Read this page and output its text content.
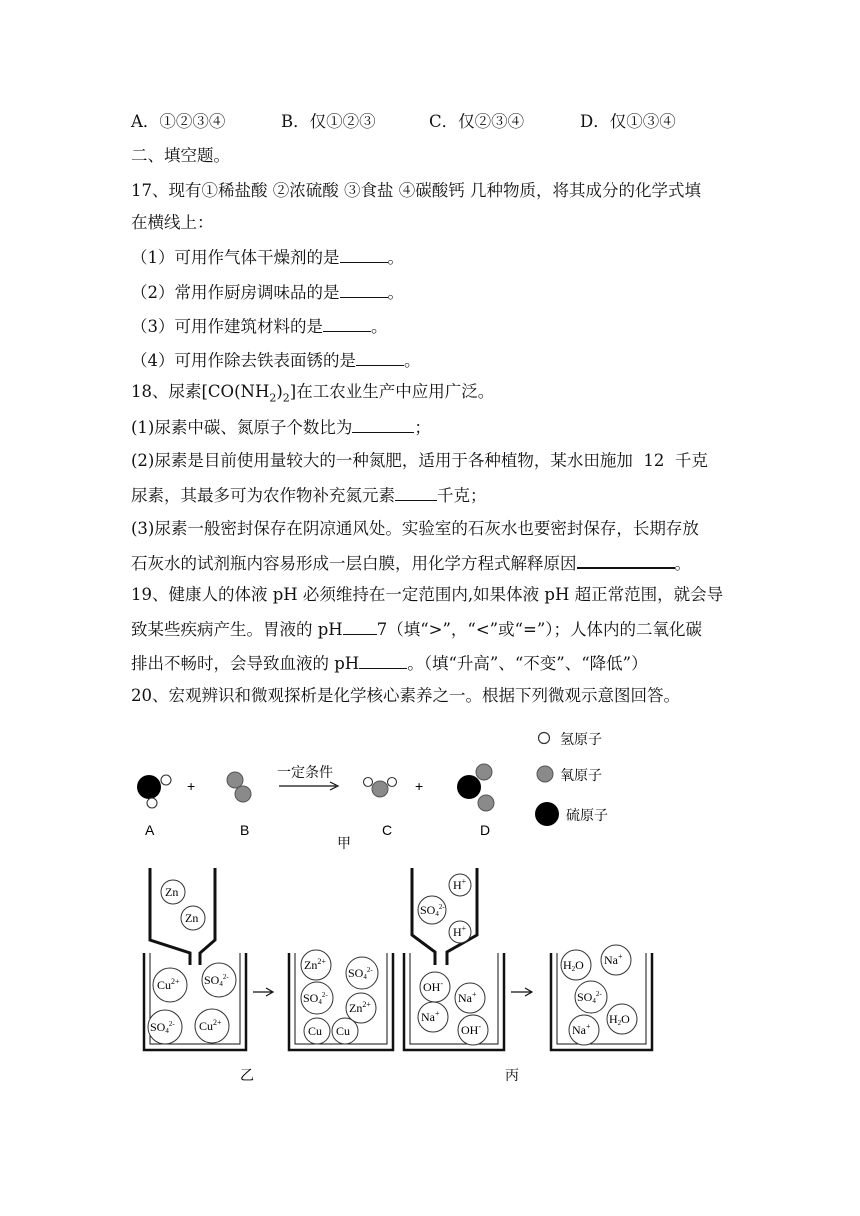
A．①②③④	B．仅①②③	C．仅②③④	D．仅①③④
二、填空题。
17、现有①稀盐酸 ②浓硫酸 ③食盐 ④碳酸钙 几种物质，将其成分的化学式填
在横线上：
（1）可用作气体干燥剂的是	。
（2）常用作厨房调味品的是	。
（3）可用作建筑材料的是	。
（4）可用作除去铁表面锈的是	。
18、尿素$[CO(NH_2)_2]$在工农业生产中应用广泛。
(1)尿素中碳、氮原子个数比为	；
(2)尿素是目前使用量较大的一种氮肥，适用于各种植物，某水田施加  12  千克
尿素，其最多可为农作物补充氮元素	千克；
(3)尿素一般密封保存在阴凉通风处。实验室的石灰水也要密封保存，长期存放
石灰水的试剂瓶内容易形成一层白膜，用化学方程式解释原因	。
19、健康人的体液 pH 必须维持在一定范围内,如果体液 pH 超正常范围，就会导
致某些疾病产生。胃液的 pH 7（填“>”，“<”或“=”）；人体内的二氧化碳
排出不畅时，会导致血液的 pH	。（填“升高”、“不变”、“降低”）
20、宏观辨识和微观探析是化学核心素养之一。根据下列微观示意图回答。
氢原子
氧原子
硫原子
+
一定条件
+
A	B	C	D
甲
Zn
Zn
$Cu^{2+}$ $SO4^{2-}$
$SO4^{2-}$ $Cu^{2+}$
$Zn^{2+}$
$SO4^{2-}$
$SO4^{2-}$
$Zn^{2+}$
Cu Cu
乙
H+
$SO4^{2-}$
H+
OH-
Na+
Na+
OH-
H2O Na+
$SO4^{2-}$
H2O
Na+
丙
